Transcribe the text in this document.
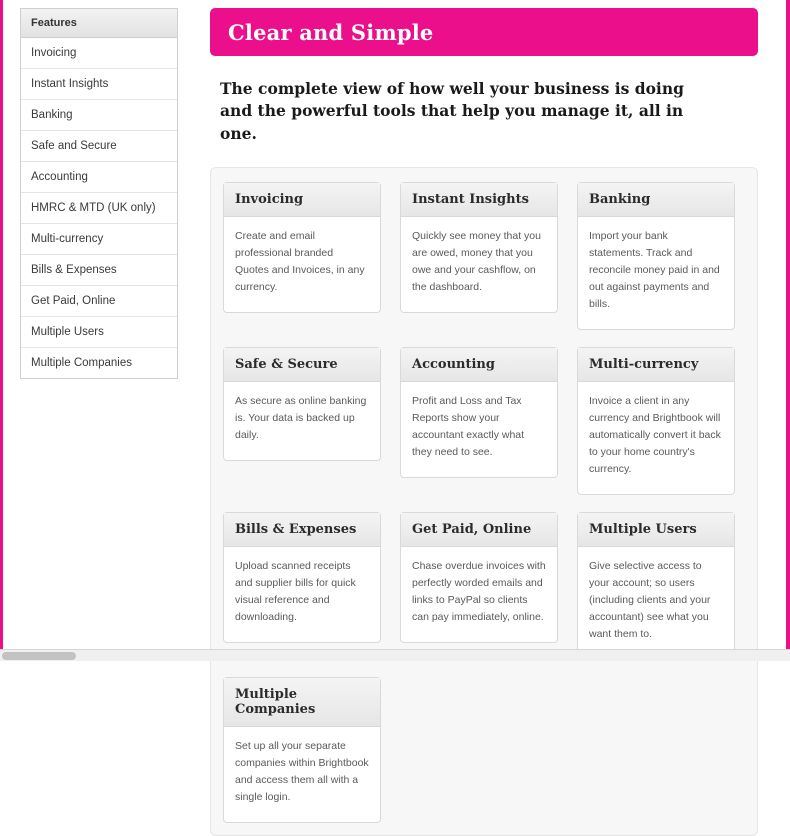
Features
Invoicing
Instant Insights
Banking
Safe and Secure
Accounting
HMRC & MTD (UK only)
Multi-currency
Bills & Expenses
Get Paid, Online
Multiple Users
Multiple Companies
Clear and Simple

The complete view of how well your business is doing and the powerful tools that help you manage it, all in one.

Invoicing
Create and email professional branded Quotes and Invoices, in any currency.
Instant Insights
Quickly see money that you are owed, money that you owe and your cashflow, on the dashboard.
Banking
Import your bank statements. Track and reconcile money paid in and out against payments and bills.
Safe & Secure
As secure as online banking is. Your data is backed up daily.
Accounting
Profit and Loss and Tax Reports show your accountant exactly what they need to see.
Multi-currency
Invoice a client in any currency and Brightbook will automatically convert it back to your home country's currency.
Bills & Expenses
Upload scanned receipts and supplier bills for quick visual reference and downloading.
Get Paid, Online
Chase overdue invoices with perfectly worded emails and links to PayPal so clients can pay immediately, online.
Multiple Users
Give selective access to your account; so users (including clients and your accountant) see what you want them to.
Multiple Companies
Set up all your separate companies within Brightbook and access them all with a single login.
